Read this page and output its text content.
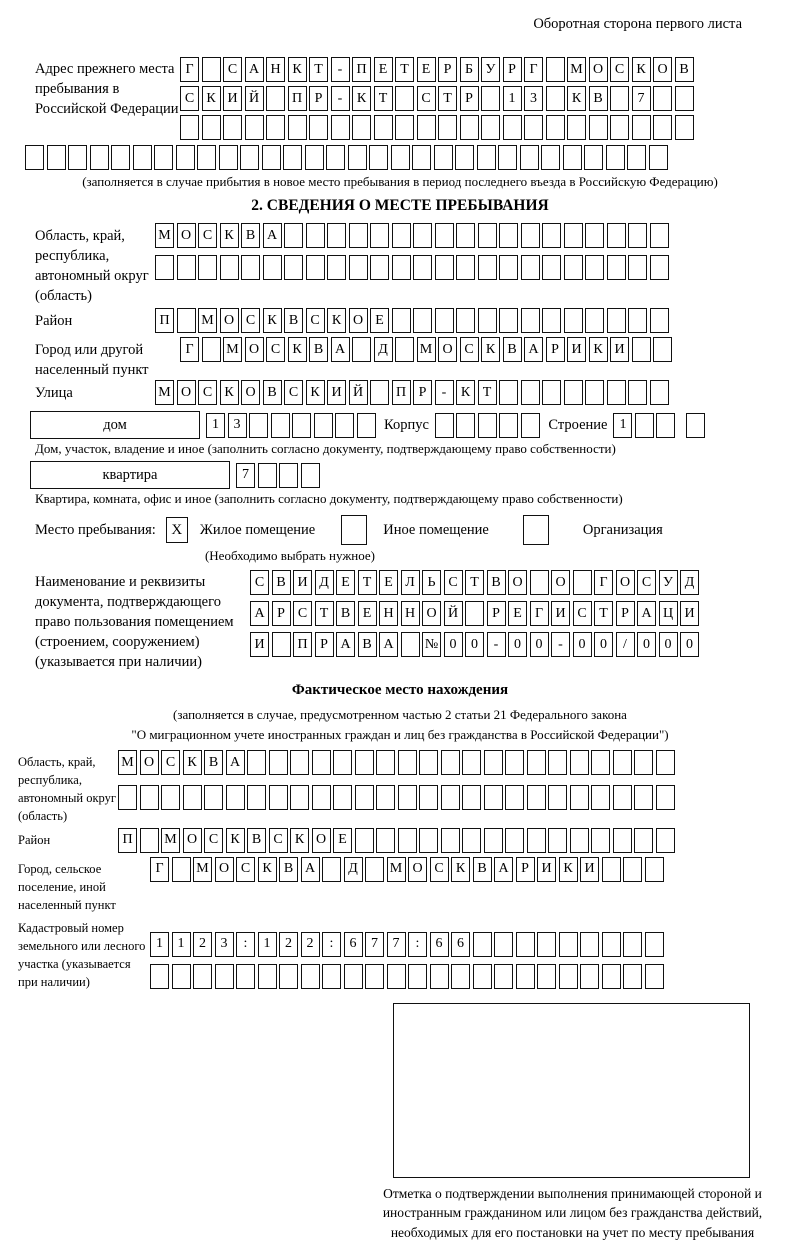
Оборотная сторона первого листа
Адрес прежнего места пребывания в Российской Федерации
Г	С А Н К Т	-	П Е Т Е Р Б У Р Г	М О С К О В
С К И Й	П Р	-	К Т	С Т Р	1	3	К В	7
(заполняется в случае прибытия в новое место пребывания в период последнего въезда в Российскую Федерацию)
2. СВЕДЕНИЯ О МЕСТЕ ПРЕБЫВАНИЯ
Область, край, республика, автономный округ (область)
М О С К В А
Район	П	М О С К В С К О Е
Город или другой населенный пункт
Г	М О С К В А	Д	М О С К В А Р И К И
Улица	М О С К О В С К И Й	П Р	-	К Т
дом	1	3	Корпус	Строение 1
Дом, участок, владение и иное (заполнить согласно документу, подтверждающему право собственности)
квартира	7
Квартира, комната, офис и иное (заполнить согласно документу, подтверждающему право собственности)
Место пребывания:	X	Жилое помещение	Иное помещение	Организация
(Необходимо выбрать нужное)
Наименование и реквизиты документа, подтверждающего право пользования помещением (строением, сооружением) (указывается при наличии)
С В И Д Е Т Е Л Ь С Т В О	О	Г О С У Д
А Р С Т В Е Н Н О Й	Р Е Г И С Т Р А Ц И
И	П Р А В А	№ 0	0	-	0	0	-	0	0	/	0	0	0
Фактическое место нахождения
(заполняется в случае, предусмотренном частью 2 статьи 21 Федерального закона
"О миграционном учете иностранных граждан и лиц без гражданства в Российской Федерации")
Область, край, республика, автономный округ (область)
М О С К В А
Район	П	М О С К В С К О Е
Город, сельское поселение, иной населенный пункт
Г	М О С К В А	Д	М О С К В А Р И К И
Кадастровый номер земельного или лесного участка (указывается при наличии)
1	1	2	3	:	1	2	2	:	6	7	7	:	6	6
Отметка о подтверждении выполнения принимающей стороной и иностранным гражданином или лицом без гражданства действий, необходимых для его постановки на учет по месту пребывания
